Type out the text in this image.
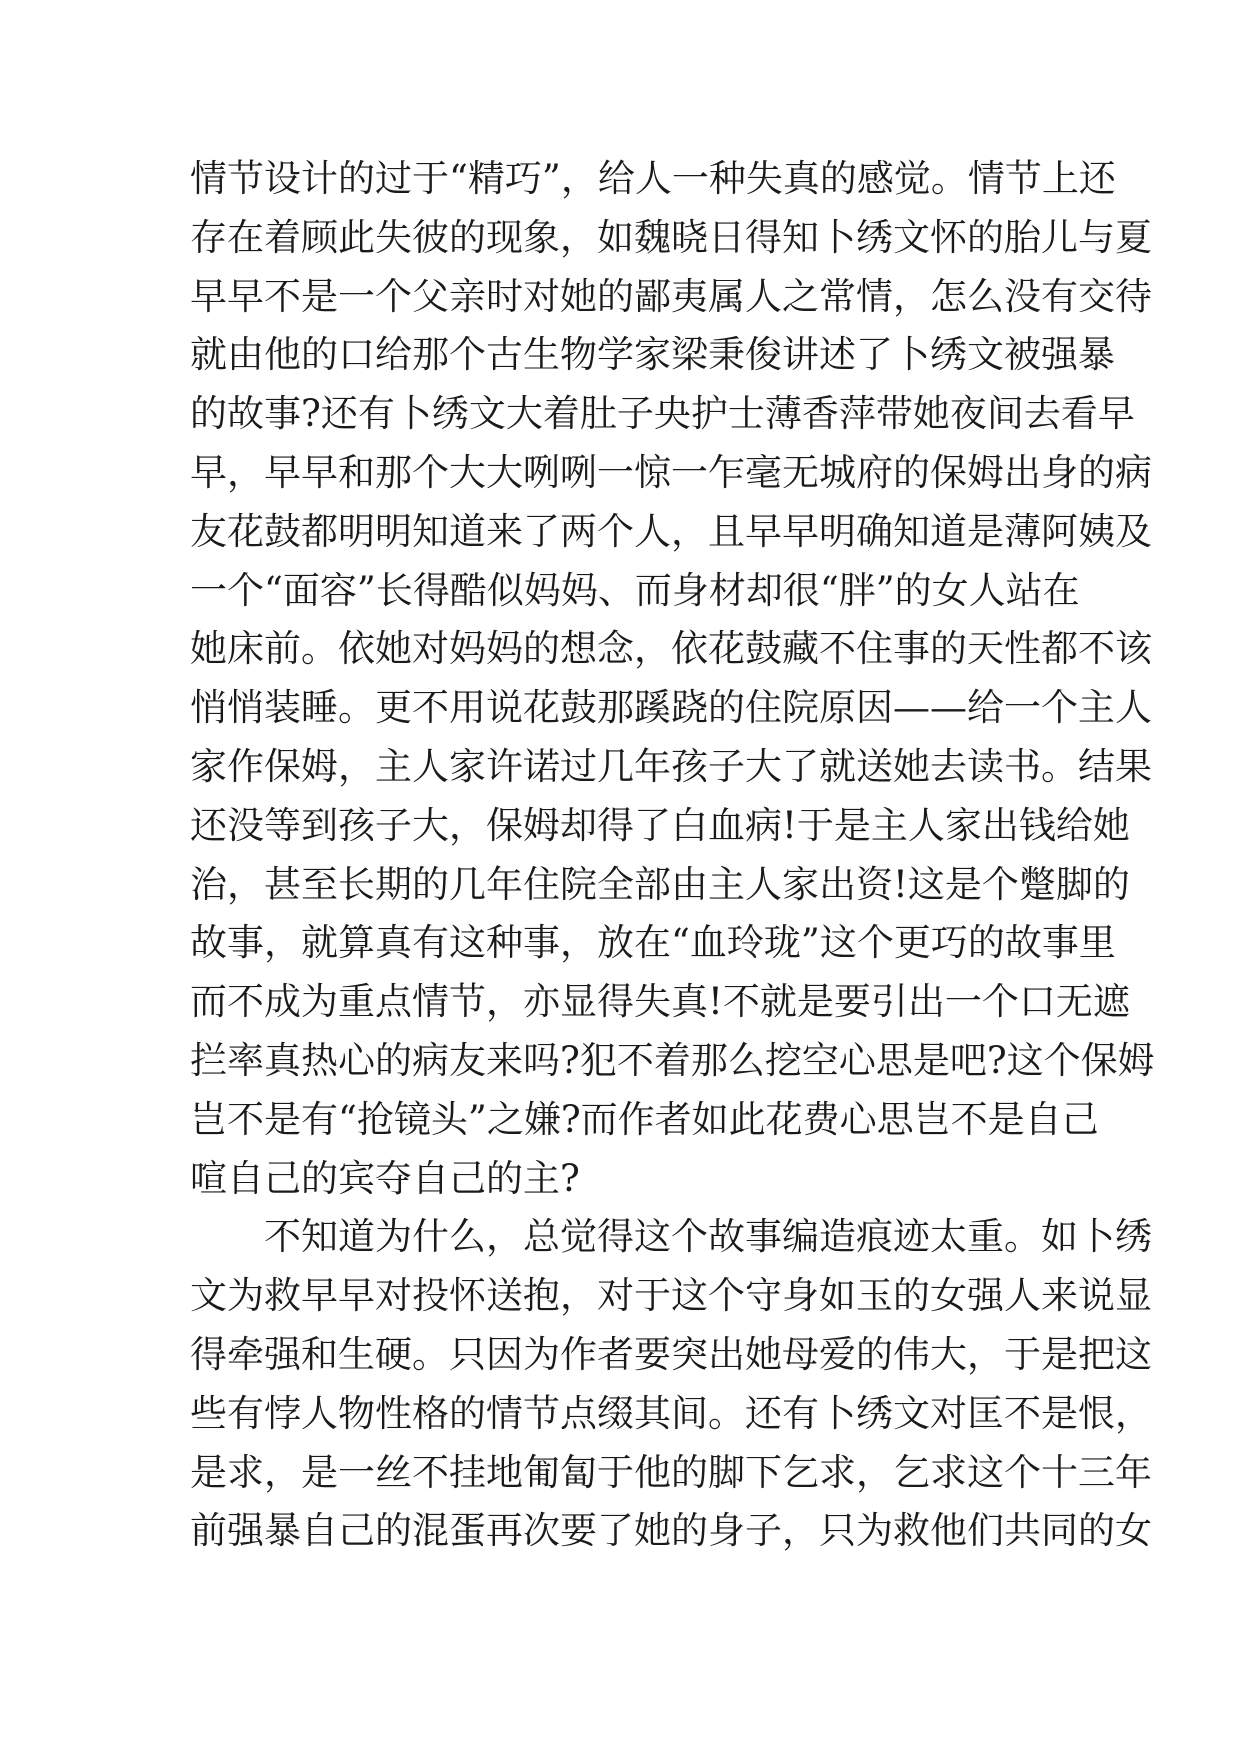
情节设计的过于“精巧”，给人一种失真的感觉。情节上还
存在着顾此失彼的现象，如魏晓日得知卜绣文怀的胎儿与夏
早早不是一个父亲时对她的鄙夷属人之常情，怎么没有交待
就由他的口给那个古生物学家梁秉俊讲述了卜绣文被强暴
的故事?还有卜绣文大着肚子央护士薄香萍带她夜间去看早
早，早早和那个大大咧咧一惊一乍毫无城府的保姆出身的病
友花鼓都明明知道来了两个人，且早早明确知道是薄阿姨及
一个“面容”长得酷似妈妈、而身材却很“胖”的女人站在
她床前。依她对妈妈的想念，依花鼓藏不住事的天性都不该
悄悄装睡。更不用说花鼓那蹊跷的住院原因——给一个主人
家作保姆，主人家许诺过几年孩子大了就送她去读书。结果
还没等到孩子大，保姆却得了白血病!于是主人家出钱给她
治，甚至长期的几年住院全部由主人家出资!这是个蹩脚的
故事，就算真有这种事，放在“血玲珑”这个更巧的故事里
而不成为重点情节，亦显得失真!不就是要引出一个口无遮
拦率真热心的病友来吗?犯不着那么挖空心思是吧?这个保姆
岂不是有“抢镜头”之嫌?而作者如此花费心思岂不是自己
喧自己的宾夺自己的主?
不知道为什么，总觉得这个故事编造痕迹太重。如卜绣
文为救早早对投怀送抱，对于这个守身如玉的女强人来说显
得牵强和生硬。只因为作者要突出她母爱的伟大，于是把这
些有悖人物性格的情节点缀其间。还有卜绣文对匡不是恨，
是求，是一丝不挂地匍匐于他的脚下乞求，乞求这个十三年
前强暴自己的混蛋再次要了她的身子，只为救他们共同的女
